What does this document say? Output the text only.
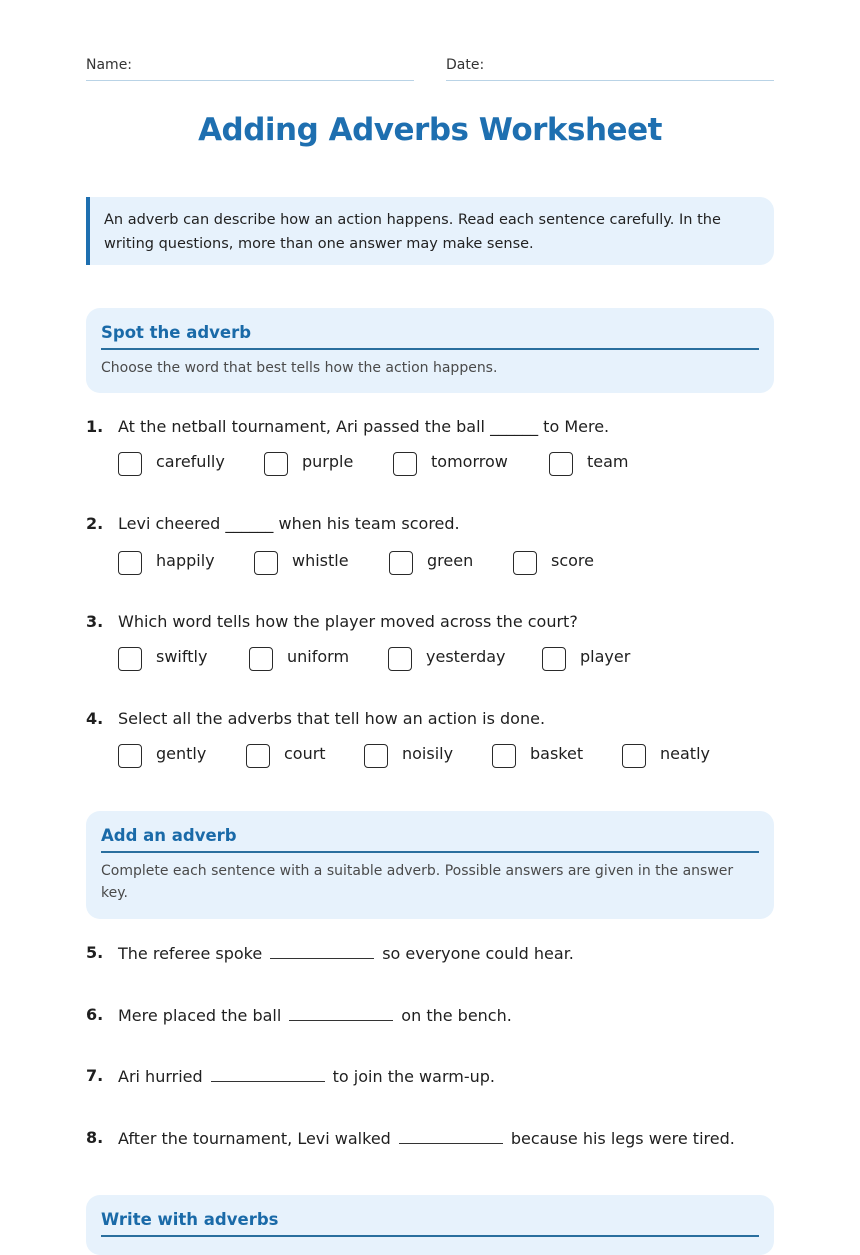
Name:	Date:
Adding Adverbs Worksheet
An adverb can describe how an action happens. Read each sentence carefully. In the writing questions, more than one answer may make sense.
Spot the adverb
Choose the word that best tells how the action happens.
1. At the netball tournament, Ari passed the ball ______ to Mere.
carefully	purple	tomorrow	team
2. Levi cheered ______ when his team scored.
happily	whistle	green	score
3. Which word tells how the player moved across the court?
swiftly	uniform	yesterday	player
4. Select all the adverbs that tell how an action is done.
gently	court	noisily	basket	neatly
Add an adverb
Complete each sentence with a suitable adverb. Possible answers are given in the answer key.
5. The referee spoke	so everyone could hear.
6. Mere placed the ball	on the bench.
7. Ari hurried	to join the warm-up.
8. After the tournament, Levi walked	because his legs were tired.
Write with adverbs
